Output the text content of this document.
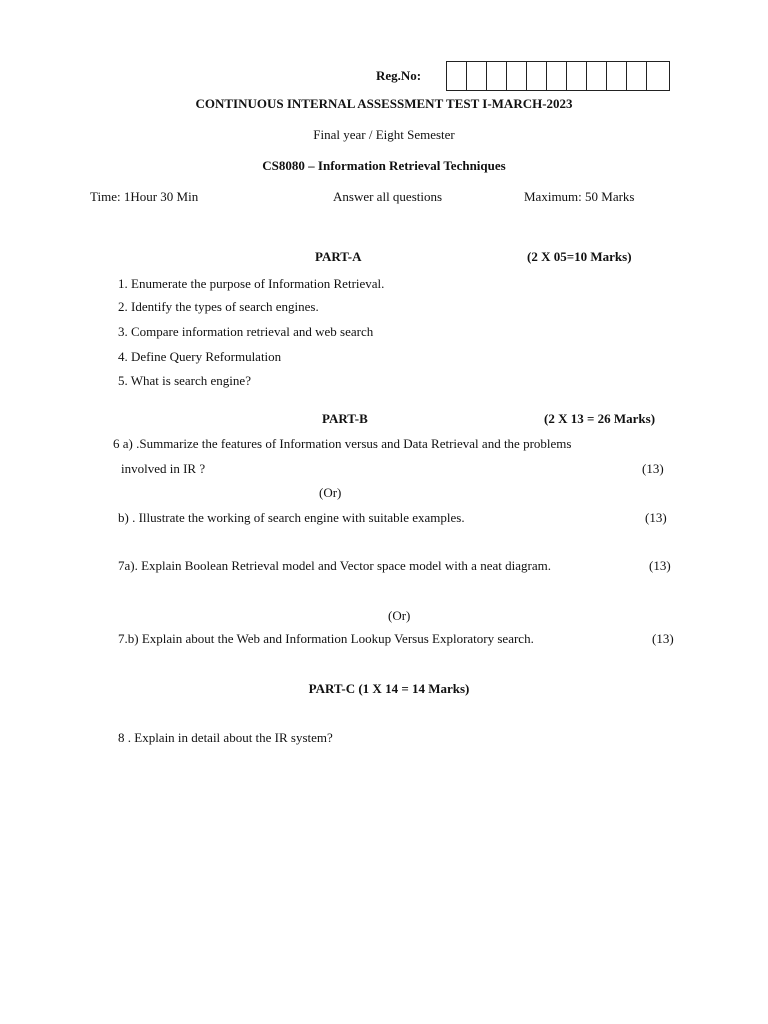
Reg.No:
CONTINUOUS INTERNAL ASSESSMENT TEST I-MARCH-2023
Final year / Eight Semester
CS8080 – Information Retrieval Techniques
Time: 1Hour 30 Min	Answer all questions	Maximum: 50 Marks
PART-A	(2 X 05=10 Marks)
1. Enumerate the purpose of Information Retrieval.
2. Identify the types of search engines.
3. Compare information retrieval and web search
4. Define Query Reformulation
5. What is search engine?
PART-B	(2 X 13 = 26 Marks)
6 a) .Summarize the features of Information versus and Data Retrieval and the problems
involved in IR ?	(13)
(Or)
b) . Illustrate the working of search engine with suitable examples.	(13)
7a). Explain Boolean Retrieval model and Vector space model with a neat diagram.	(13)
(Or)
7.b) Explain about the Web and Information Lookup Versus Exploratory search.	(13)
PART-C (1 X 14 = 14 Marks)
8 . Explain in detail about the IR system?
